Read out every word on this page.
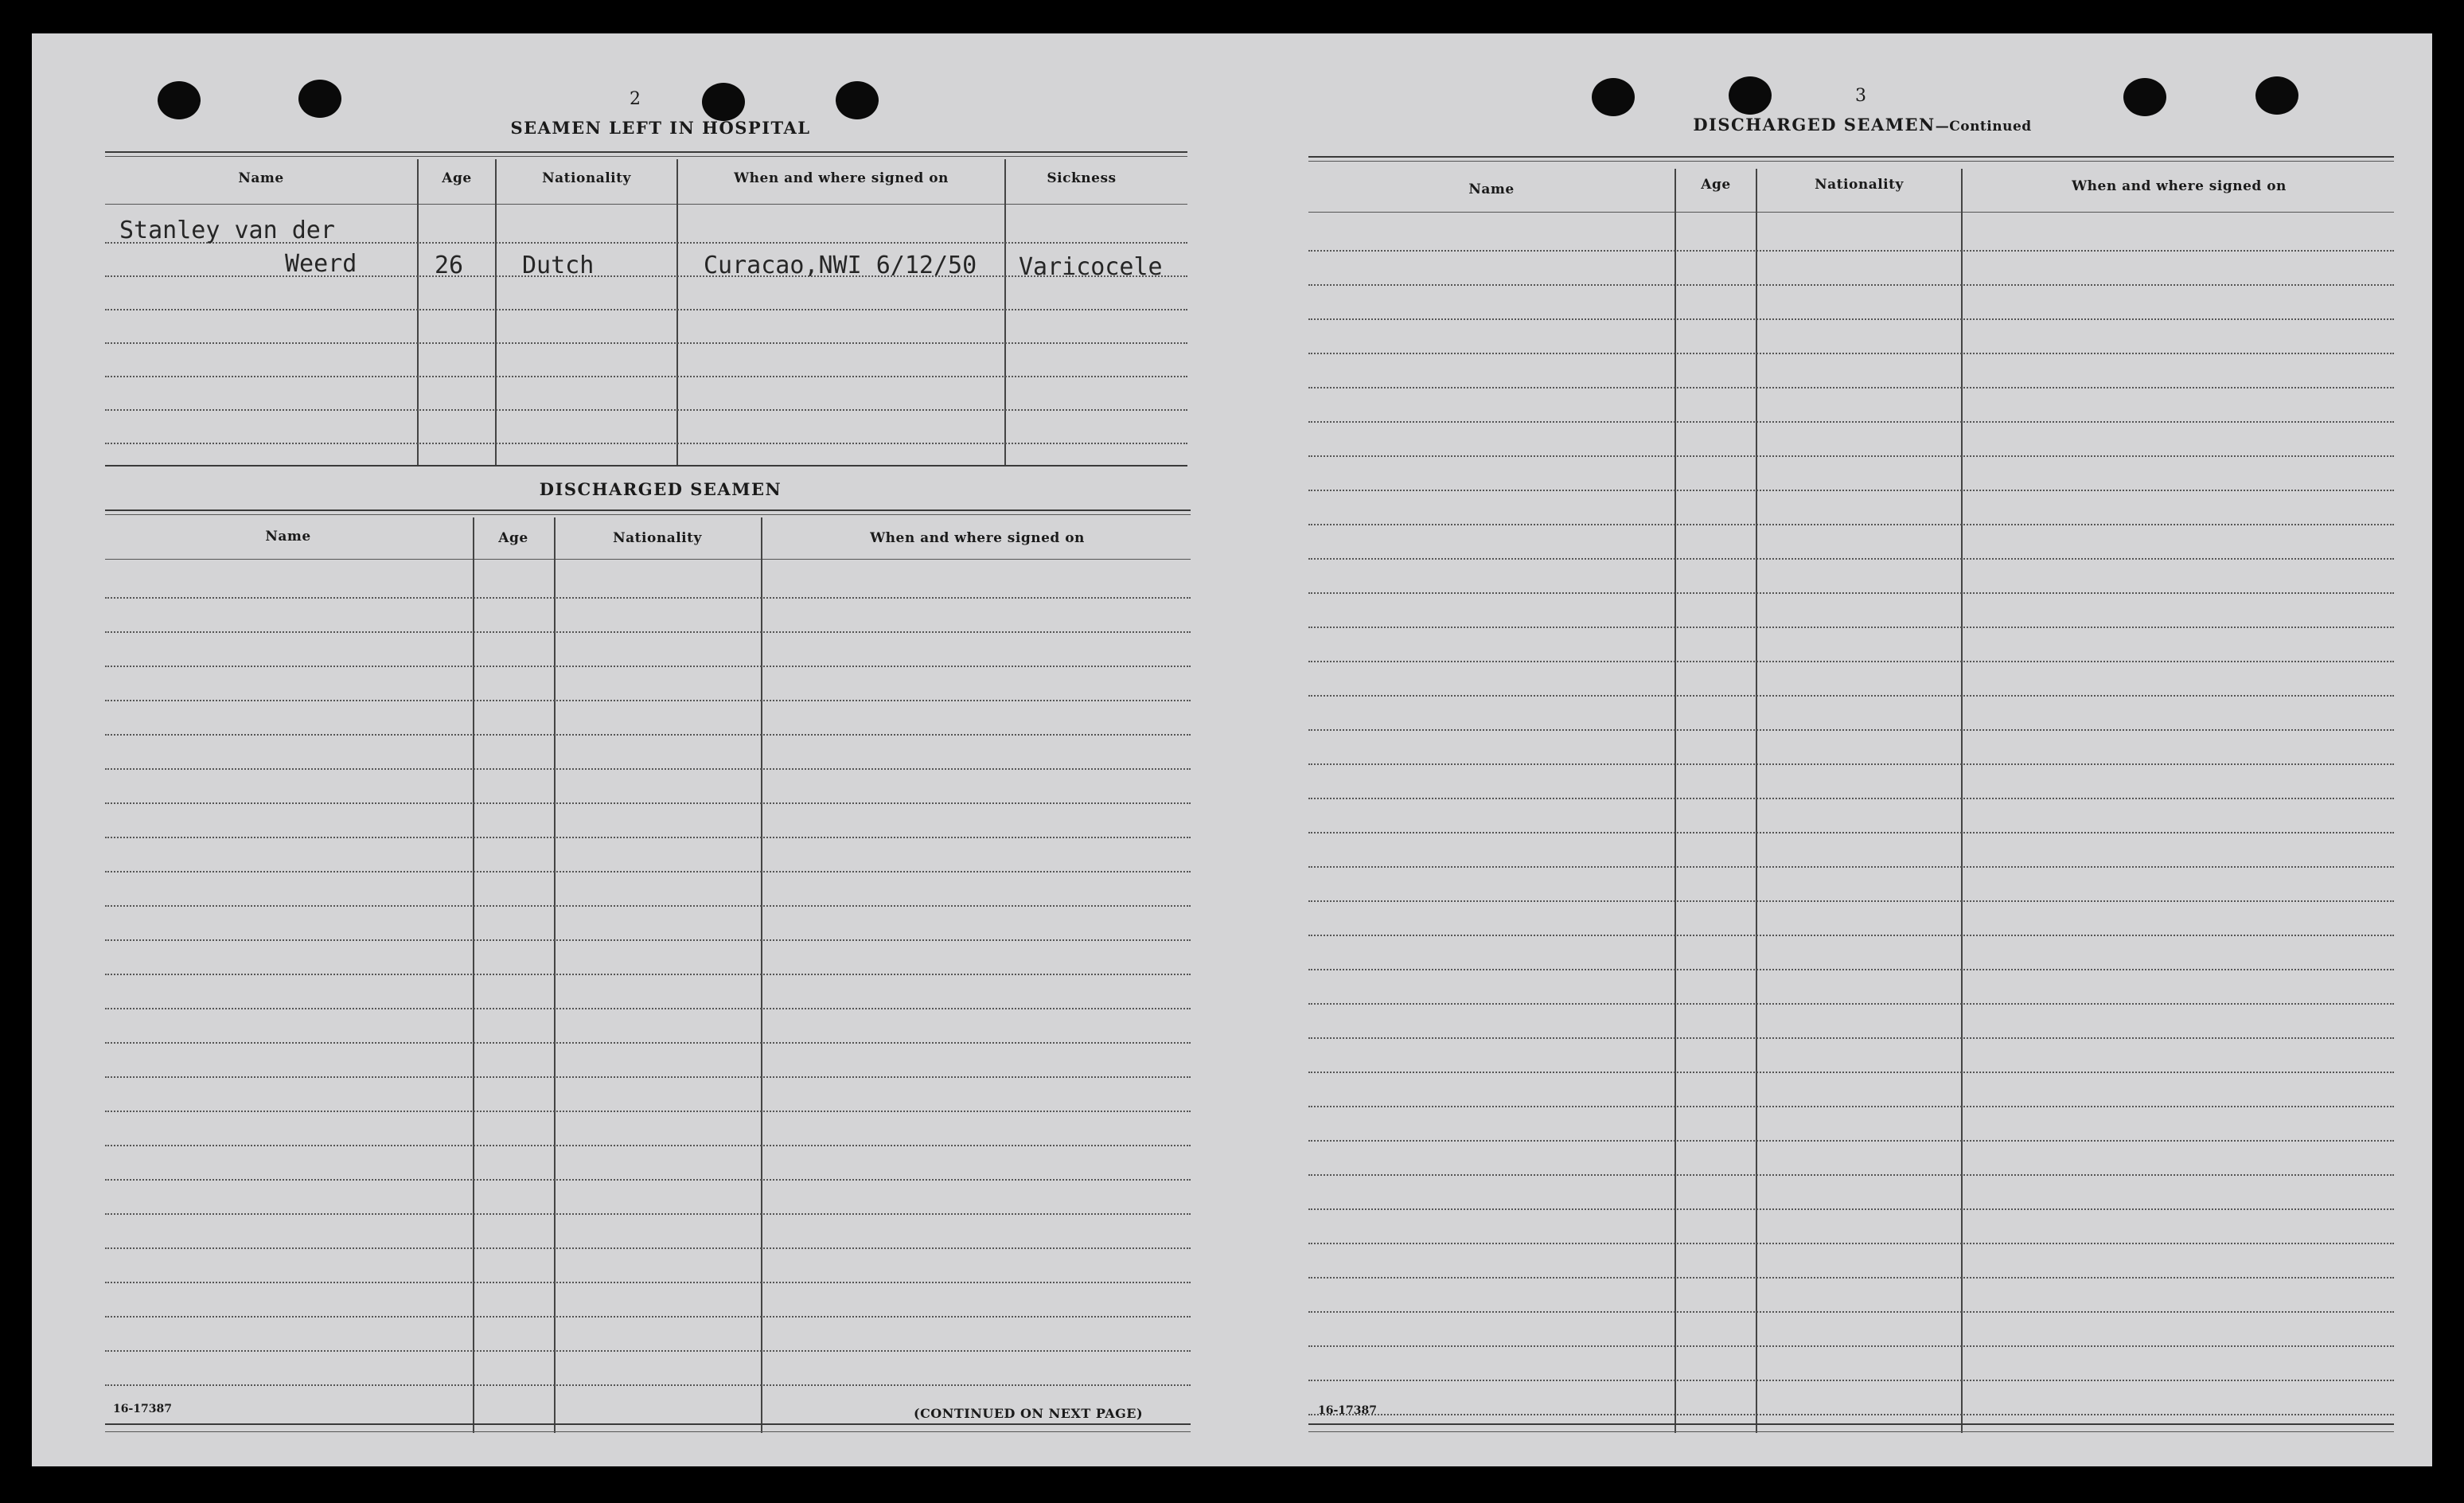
2
SEAMEN LEFT IN HOSPITAL
Name	Age	Nationality	When and where signed on	Sickness
Stanley van der
Weerd	26 Dutch	Curacao,NWI 6/12/50 Varicocele
DISCHARGED SEAMEN
Name	Age	Nationality	When and where signed on
16-17387	(CONTINUED ON NEXT PAGE)
3
DISCHARGED SEAMEN—Continued
Name	Age	Nationality	When and where signed on
16-17387
